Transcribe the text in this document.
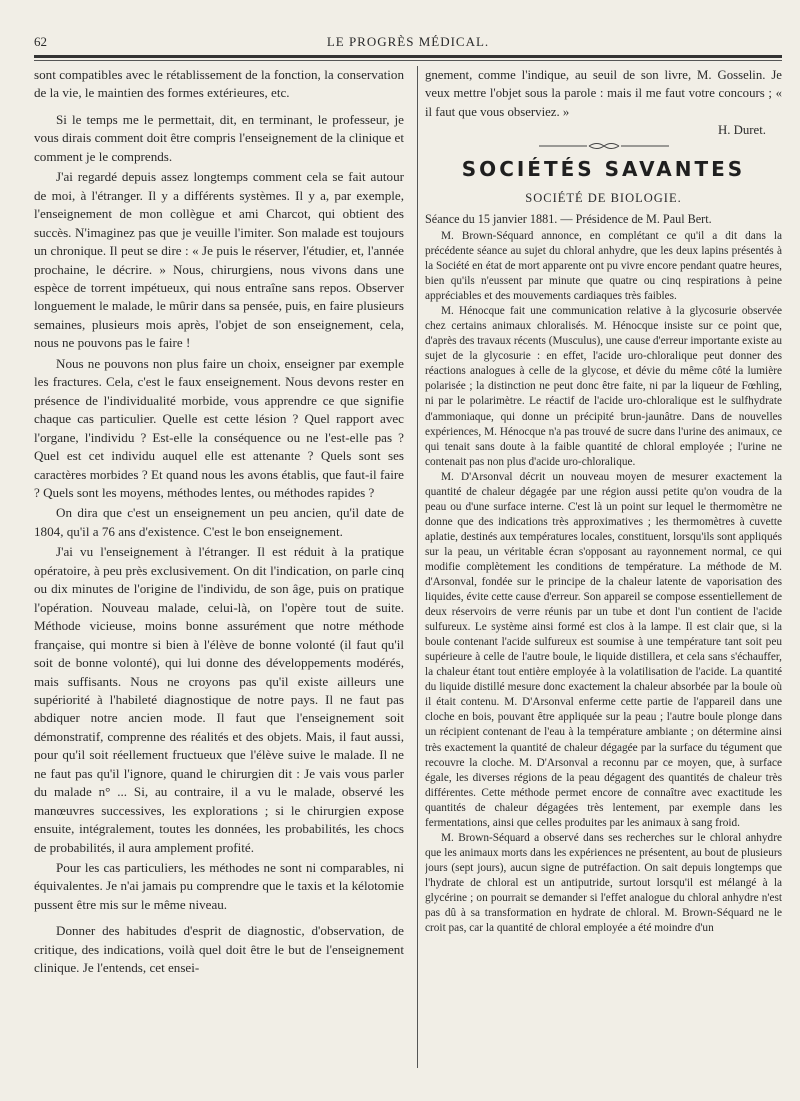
62	LE PROGRÈS MÉDICAL.

sont compatibles avec le rétablissement de la fonction, la conservation de la vie, le maintien des formes extérieures, etc.

Si le temps me le permettait, dit, en terminant, le professeur, je vous dirais comment doit être compris l'enseignement de la clinique et comment je le comprends.

J'ai regardé depuis assez longtemps comment cela se fait autour de moi, à l'étranger. Il y a différents systèmes. Il y a, par exemple, l'enseignement de mon collègue et ami Charcot, qui obtient des succès. N'imaginez pas que je veuille l'imiter. Son malade est toujours un chronique. Il peut se dire : « Je puis le réserver, l'étudier, et, l'année prochaine, le décrire. » Nous, chirurgiens, nous vivons dans une espèce de torrent impétueux, qui nous entraîne sans repos. Observer longuement le malade, le mûrir dans sa pensée, puis, en faire plusieurs semaines, plusieurs mois après, l'objet de son enseignement, cela, nous ne pouvons pas le faire !

Nous ne pouvons non plus faire un choix, enseigner par exemple les fractures. Cela, c'est le faux enseignement. Nous devons rester en présence de l'individualité morbide, vous apprendre ce que signifie chaque cas particulier. Quelle est cette lésion ? Quel rapport avec l'organe, l'individu ? Est-elle la conséquence ou ne l'est-elle pas ? Quel est cet individu auquel elle est attenante ? Quels sont ses caractères morbides ? Et quand nous les avons établis, que faut-il faire ? Quels sont les moyens, méthodes lentes, ou méthodes rapides ?

On dira que c'est un enseignement un peu ancien, qu'il date de 1804, qu'il a 76 ans d'existence. C'est le bon enseignement.

J'ai vu l'enseignement à l'étranger. Il est réduit à la pratique opératoire, à peu près exclusivement. On dit l'indication, on parle cinq ou dix minutes de l'origine de l'individu, de son âge, puis on pratique l'opération. Nouveau malade, celui-là, on l'opère tout de suite. Méthode vicieuse, moins bonne assurément que notre méthode française, qui montre si bien à l'élève de bonne volonté (il faut qu'il soit de bonne volonté), qui lui donne des développements modérés, mais suffisants. Nous ne croyons pas qu'il existe ailleurs une supériorité à l'habileté diagnostique de notre pays. Il ne faut pas abdiquer notre ancien mode. Il faut que l'enseignement soit démonstratif, comprenne des réalités et des objets. Mais, il faut aussi, pour qu'il soit réellement fructueux que l'élève suive le malade. Il ne ne faut pas qu'il l'ignore, quand le chirurgien dit : Je vais vous parler du malade n° ... Si, au contraire, il a vu le malade, observé les manœuvres successives, les explorations ; si le chirurgien expose ensuite, intégralement, toutes les données, les probabilités, les chocs de probabilités, il aura amplement profité.

Pour les cas particuliers, les méthodes ne sont ni comparables, ni équivalentes. Je n'ai jamais pu comprendre que le taxis et la kélotomie pussent être mis sur le même niveau.

Donner des habitudes d'esprit de diagnostic, d'observation, de critique, des indications, voilà quel doit être le but de l'enseignement clinique. Je l'entends, cet ensei-

gnement, comme l'indique, au seuil de son livre, M. Gosselin. Je veux mettre l'objet sous la parole : mais il me faut votre concours ; « il faut que vous observiez. »

H. Duret.

SOCIÉTÉS SAVANTES
SOCIÉTÉ DE BIOLOGIE.

Séance du 15 janvier 1881. — Présidence de M. Paul Bert.

M. Brown-Séquard annonce, en complétant ce qu'il a dit dans la précédente séance au sujet du chloral anhydre, que les deux lapins présentés à la Société en état de mort apparente ont pu vivre encore pendant quatre heures, bien qu'ils n'eussent par minute que quatre ou cinq respirations à peine appréciables et des mouvements cardiaques très faibles.

M. Hénocque fait une communication relative à la glycosurie observée chez certains animaux chloralisés. M. Hénocque insiste sur ce point que, d'après des travaux récents (Musculus), une cause d'erreur importante existe au sujet de la glycosurie : en effet, l'acide uro-chloralique peut donner des réactions analogues à celle de la glycose, et dévie du même côté la lumière polarisée ; la distinction ne peut donc être faite, ni par la liqueur de Fœhling, ni par le polarimètre. Le réactif de l'acide uro-chloralique est le sulfhydrate d'ammoniaque, qui donne un précipité brun-jaunâtre. Dans de nouvelles expériences, M. Hénocque n'a pas trouvé de sucre dans l'urine des animaux, ce qui tenait sans doute à la faible quantité de chloral employée ; l'urine ne contenait pas non plus d'acide uro-chloralique.

M. D'Arsonval décrit un nouveau moyen de mesurer exactement la quantité de chaleur dégagée par une région aussi petite qu'on voudra de la peau ou d'une surface interne. C'est là un point sur lequel le thermomètre ne donne que des indications très approximatives ; les thermomètres à cuvette aplatie, destinés aux températures locales, constituent, lorsqu'ils sont appliqués sur la peau, un véritable écran s'opposant au rayonnement normal, ce qui modifie complètement les conditions de température. La méthode de M. d'Arsonval, fondée sur le principe de la chaleur latente de vaporisation des liquides, évite cette cause d'erreur. Son appareil se compose essentiellement de deux réservoirs de verre réunis par un tube et dont l'un contient de l'acide sulfureux. Le système ainsi formé est clos à la lampe. Il est clair que, si la boule contenant l'acide sulfureux est soumise à une température tant soit peu supérieure à celle de l'autre boule, le liquide distillera, et cela sans s'échauffer, la chaleur étant tout entière employée à la volatilisation de l'acide. La quantité du liquide distillé mesure donc exactement la chaleur absorbée par la boule où il était contenu. M. D'Arsonval enferme cette partie de l'appareil dans une cloche en bois, pouvant être appliquée sur la peau ; l'autre boule plonge dans un récipient contenant de l'eau à la température ambiante ; on détermine ainsi très exactement la quantité de chaleur dégagée par la surface du tégument que recouvre la cloche. M. D'Arsonval a reconnu par ce moyen, que, à surface égale, les diverses régions de la peau dégagent des quantités de chaleur très différentes. Cette méthode permet encore de connaître avec exactitude les quantités de chaleur dégagées très lentement, par exemple dans les fermentations, ainsi que celles produites par les animaux à sang froid.

M. Brown-Séquard a observé dans ses recherches sur le chloral anhydre que les animaux morts dans les expériences ne présentent, au bout de plusieurs jours (sept jours), aucun signe de putréfaction. On sait depuis longtemps que l'hydrate de chloral est un antiputride, surtout lorsqu'il est mélangé à la glycérine ; on pourrait se demander si l'effet analogue du chloral anhydre n'est pas dû à sa transformation en hydrate de chloral. M. Brown-Séquard ne le croit pas, car la quantité de chloral employée a été moindre d'un
